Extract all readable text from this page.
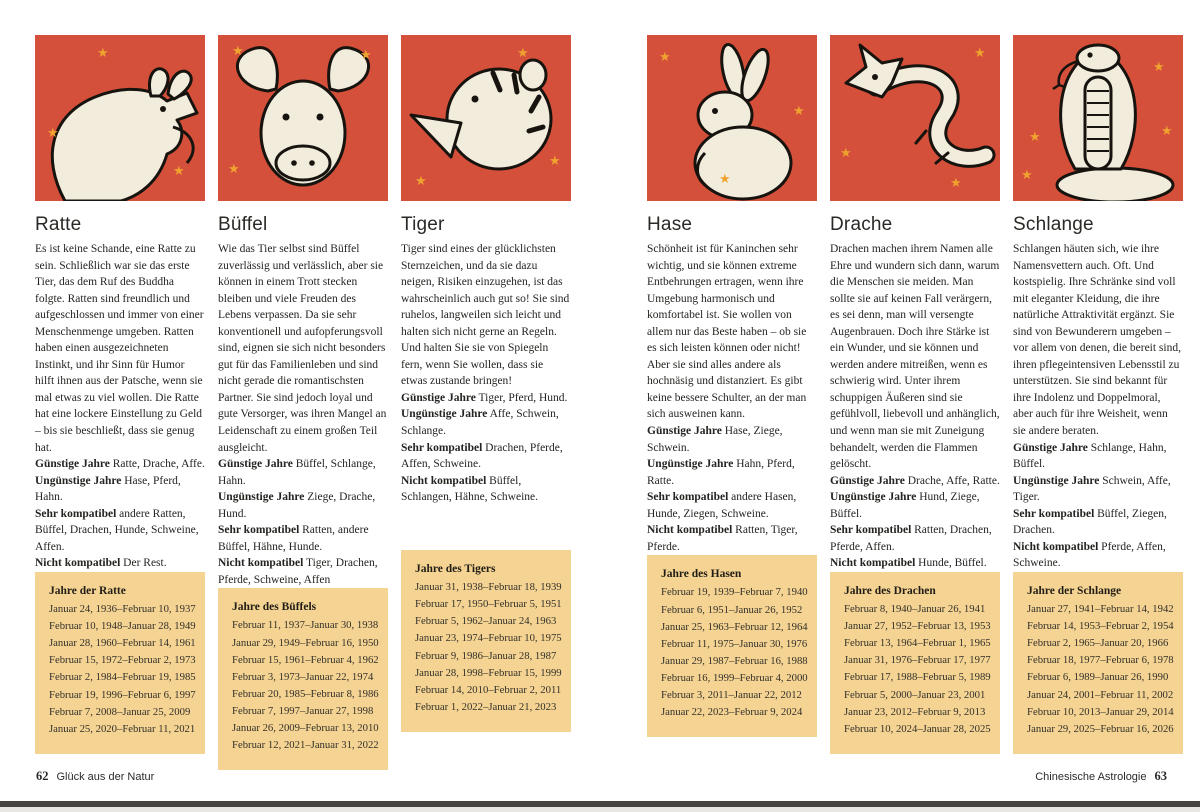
★
★
★
Ratte

Es ist keine Schande, eine Ratte zu sein. Schließlich war sie das erste Tier, das dem Ruf des Buddha folgte. Ratten sind freundlich und aufgeschlossen und immer von einer Menschenmenge umgeben. Ratten haben einen ausgezeichneten Instinkt, und ihr Sinn für Humor hilft ihnen aus der Patsche, wenn sie mal etwas zu viel wollen. Die Ratte hat eine lockere Einstellung zu Geld – bis sie beschließt, dass sie genug hat.

Günstige Jahre Ratte, Drache, Affe.

Ungünstige Jahre Hase, Pferd, Hahn.

Sehr kompatibel andere Ratten, Büffel, Drachen, Hunde, Schweine, Affen.

Nicht kompatibel Der Rest.

Jahre der Ratte
Januar 24, 1936–Februar 10, 1937
Februar 10, 1948–Januar 28, 1949
Januar 28, 1960–Februar 14, 1961
Februar 15, 1972–Februar 2, 1973
Februar 2, 1984–Februar 19, 1985
Februar 19, 1996–Februar 6, 1997
Februar 7, 2008–Januar 25, 2009
Januar 25, 2020–Februar 11, 2021
★	★
★
Büffel

Wie das Tier selbst sind Büffel zuverlässig und verlässlich, aber sie können in einem Trott stecken bleiben und viele Freuden des Lebens verpassen. Da sie sehr konventionell und aufopferungsvoll sind, eignen sie sich nicht besonders gut für das Familienleben und sind nicht gerade die romantischsten Partner. Sie sind jedoch loyal und gute Versorger, was ihren Mangel an Leidenschaft zu einem großen Teil ausgleicht.

Günstige Jahre Büffel, Schlange, Hahn.

Ungünstige Jahre Ziege, Drache, Hund.

Sehr kompatibel Ratten, andere Büffel, Hähne, Hunde.

Nicht kompatibel Tiger, Drachen, Pferde, Schweine, Affen

Jahre des Büffels
Februar 11, 1937–Januar 30, 1938
Januar 29, 1949–Februar 16, 1950
Februar 15, 1961–Februar 4, 1962
Februar 3, 1973–Januar 22, 1974
Februar 20, 1985–Februar 8, 1986
Februar 7, 1997–Januar 27, 1998
Januar 26, 2009–Februar 13, 2010
Februar 12, 2021–Januar 31, 2022
★
★
★
Tiger

Tiger sind eines der glücklichsten Sternzeichen, und da sie dazu neigen, Risiken einzugehen, ist das wahrscheinlich auch gut so! Sie sind ruhelos, langweilen sich leicht und halten sich nicht gerne an Regeln. Und halten Sie sie von Spiegeln fern, wenn Sie wollen, dass sie etwas zustande bringen!

Günstige Jahre Tiger, Pferd, Hund.

Ungünstige Jahre Affe, Schwein, Schlange.

Sehr kompatibel Drachen, Pferde, Affen, Schweine.

Nicht kompatibel Büffel, Schlangen, Hähne, Schweine.

Jahre des Tigers
Januar 31, 1938–Februar 18, 1939
Februar 17, 1950–Februar 5, 1951
Februar 5, 1962–Januar 24, 1963
Januar 23, 1974–Februar 10, 1975
Februar 9, 1986–Januar 28, 1987
Januar 28, 1998–Februar 15, 1999
Februar 14, 2010–Februar 2, 2011
Februar 1, 2022–Januar 21, 2023
★
★
★
Hase

Schönheit ist für Kaninchen sehr wichtig, und sie können extreme Entbehrungen ertragen, wenn ihre Umgebung harmonisch und komfortabel ist. Sie wollen von allem nur das Beste haben – ob sie es sich leisten können oder nicht! Aber sie sind alles andere als hochnäsig und distanziert. Es gibt keine bessere Schulter, an der man sich ausweinen kann.

Günstige Jahre Hase, Ziege, Schwein.

Ungünstige Jahre Hahn, Pferd, Ratte.

Sehr kompatibel andere Hasen, Hunde, Ziegen, Schweine.

Nicht kompatibel Ratten, Tiger, Pferde.

Jahre des Hasen
Februar 19, 1939–Februar 7, 1940
Februar 6, 1951–Januar 26, 1952
Januar 25, 1963–Februar 12, 1964
Februar 11, 1975–Januar 30, 1976
Januar 29, 1987–Februar 16, 1988
Februar 16, 1999–Februar 4, 2000
Februar 3, 2011–Januar 22, 2012
Januar 22, 2023–Februar 9, 2024
★
★
★
Drache

Drachen machen ihrem Namen alle Ehre und wundern sich dann, warum die Menschen sie meiden. Man sollte sie auf keinen Fall verärgern, es sei denn, man will versengte Augenbrauen. Doch ihre Stärke ist ein Wunder, und sie können und werden andere mitreißen, wenn es schwierig wird. Unter ihrem schuppigen Äußeren sind sie gefühlvoll, liebevoll und anhänglich, und wenn man sie mit Zuneigung behandelt, werden die Flammen gelöscht.

Günstige Jahre Drache, Affe, Ratte.

Ungünstige Jahre Hund, Ziege, Büffel.

Sehr kompatibel Ratten, Drachen, Pferde, Affen.

Nicht kompatibel Hunde, Büffel.

Jahre des Drachen
Februar 8, 1940–Januar 26, 1941
Januar 27, 1952–Februar 13, 1953
Februar 13, 1964–Februar 1, 1965
Januar 31, 1976–Februar 17, 1977
Februar 17, 1988–Februar 5, 1989
Februar 5, 2000–Januar 23, 2001
Januar 23, 2012–Februar 9, 2013
Februar 10, 2024–Januar 28, 2025
★
★
★
★
Schlange

Schlangen häuten sich, wie ihre Namensvettern auch. Oft. Und kostspielig. Ihre Schränke sind voll mit eleganter Kleidung, die ihre natürliche Attraktivität ergänzt. Sie sind von Bewunderern umgeben – vor allem von denen, die bereit sind, ihren pflegeintensiven Lebensstil zu unterstützen. Sie sind bekannt für ihre Indolenz und Doppelmoral, aber auch für ihre Weisheit, wenn sie andere beraten.

Günstige Jahre Schlange, Hahn, Büffel.

Ungünstige Jahre Schwein, Affe, Tiger.

Sehr kompatibel Büffel, Ziegen, Drachen.

Nicht kompatibel Pferde, Affen, Schweine.

Jahre der Schlange
Januar 27, 1941–Februar 14, 1942
Februar 14, 1953–Februar 2, 1954
Februar 2, 1965–Januar 20, 1966
Februar 18, 1977–Februar 6, 1978
Februar 6, 1989–Januar 26, 1990
Januar 24, 2001–Februar 11, 2002
Februar 10, 2013–Januar 29, 2014
Januar 29, 2025–Februar 16, 2026
62 Glück aus der Natur	Chinesische Astrologie 63
